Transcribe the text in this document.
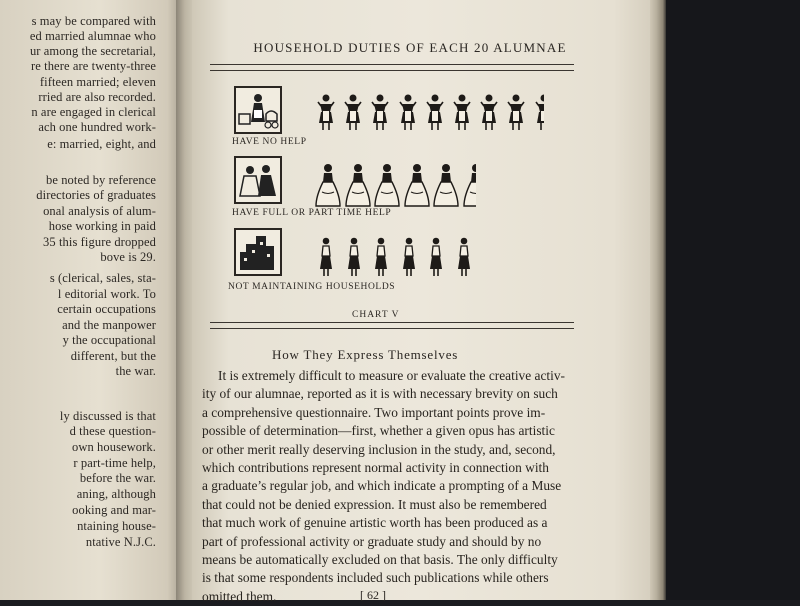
s may be compared with
ed married alumnae who
ur among the secretarial,
re there are twenty-three
fifteen married; eleven
rried are also recorded.
n are engaged in clerical
ach one hundred work-
e: married, eight, and
be noted by reference
directories of graduates
onal analysis of alum-
hose working in paid
35 this figure dropped
bove is 29.
s (clerical, sales, sta-
l editorial work. To
certain occupations
and the manpower
y the occupational
different, but the
the war.
ly discussed is that
d these question-
own housework.
r part-time help,
before the war.
aning, although
ooking and mar-
ntaining house-
ntative N.J.C.
HOUSEHOLD DUTIES OF EACH 20 ALUMNAE
HAVE NO HELP
HAVE FULL OR PART TIME HELP
NOT MAINTAINING HOUSEHOLDS
CHART V
How They Express Themselves
It is extremely difficult to measure or evaluate the creative activ-
ity of our alumnae, reported as it is with necessary brevity on such
a comprehensive questionnaire. Two important points prove im-
possible of determination—first, whether a given opus has artistic
or other merit really deserving inclusion in the study, and, second,
which contributions represent normal activity in connection with
a graduate’s regular job, and which indicate a prompting of a Muse
that could not be denied expression. It must also be remembered
that much work of genuine artistic worth has been produced as a
part of professional activity or graduate study and should by no
means be automatically excluded on that basis. The only difficulty
is that some respondents included such publications while others
omitted them.	[ 62 ]
